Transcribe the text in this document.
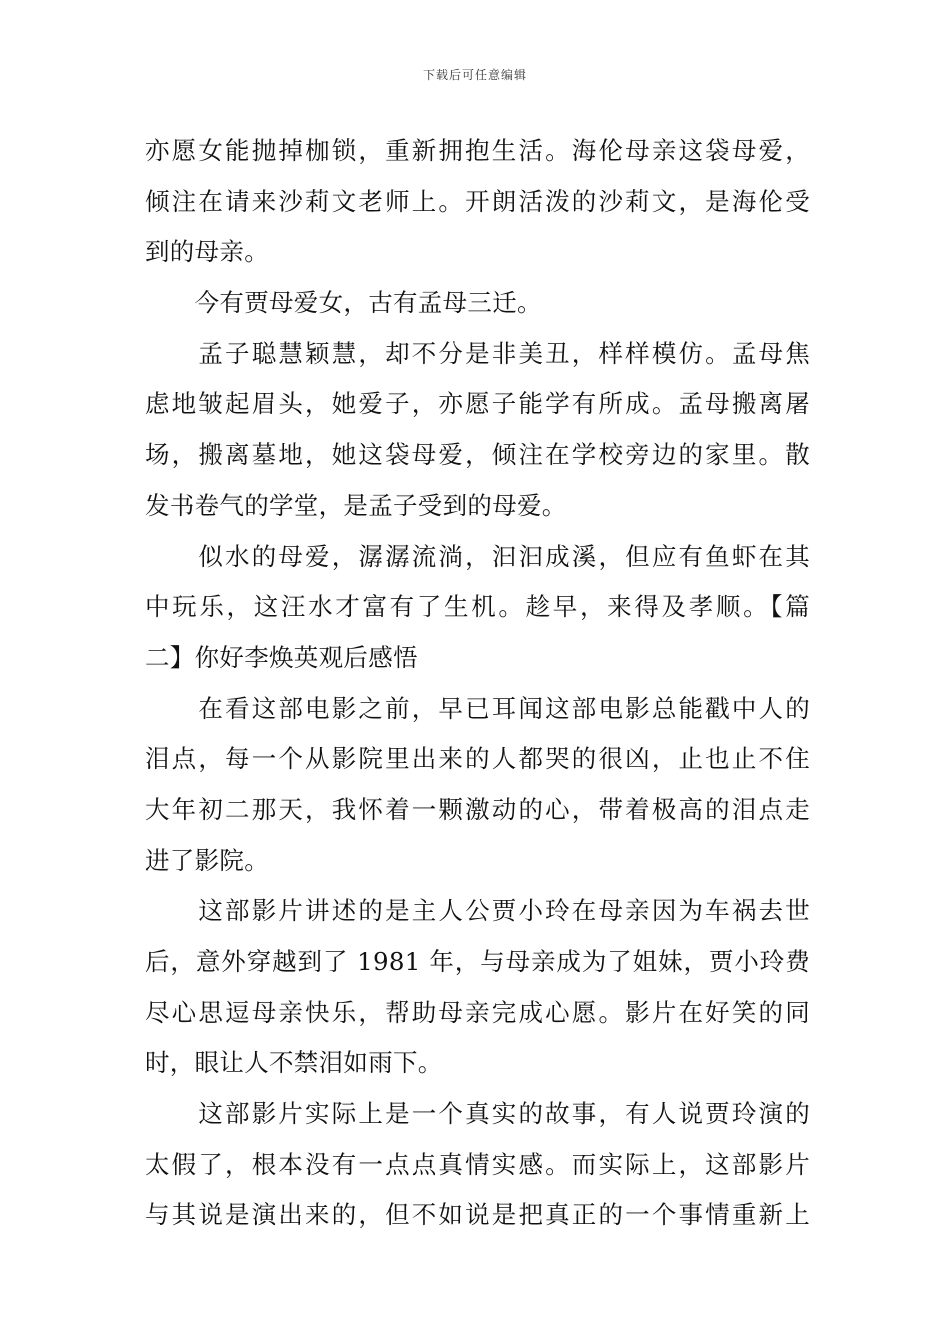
下载后可任意编辑
亦愿女能抛掉枷锁，重新拥抱生活。海伦母亲这袋母爱，
倾注在请来沙莉文老师上。开朗活泼的沙莉文，是海伦受
到的母亲。
　　今有贾母爱女，古有孟母三迁。
　　孟子聪慧颖慧，却不分是非美丑，样样模仿。孟母焦
虑地皱起眉头，她爱子，亦愿子能学有所成。孟母搬离屠
场，搬离墓地，她这袋母爱，倾注在学校旁边的家里。散
发书卷气的学堂，是孟子受到的母爱。
　　似水的母爱，潺潺流淌，汩汩成溪，但应有鱼虾在其
中玩乐，这汪水才富有了生机。趁早，来得及孝顺。【篇
二】你好李焕英观后感悟
　　在看这部电影之前，早已耳闻这部电影总能戳中人的
泪点，每一个从影院里出来的人都哭的很凶，止也止不住
大年初二那天，我怀着一颗激动的心，带着极高的泪点走
进了影院。
　　这部影片讲述的是主人公贾小玲在母亲因为车祸去世
后，意外穿越到了 1981 年，与母亲成为了姐妹，贾小玲费
尽心思逗母亲快乐，帮助母亲完成心愿。影片在好笑的同
时，眼让人不禁泪如雨下。
　　这部影片实际上是一个真实的故事，有人说贾玲演的
太假了，根本没有一点点真情实感。而实际上，这部影片
与其说是演出来的，但不如说是把真正的一个事情重新上
